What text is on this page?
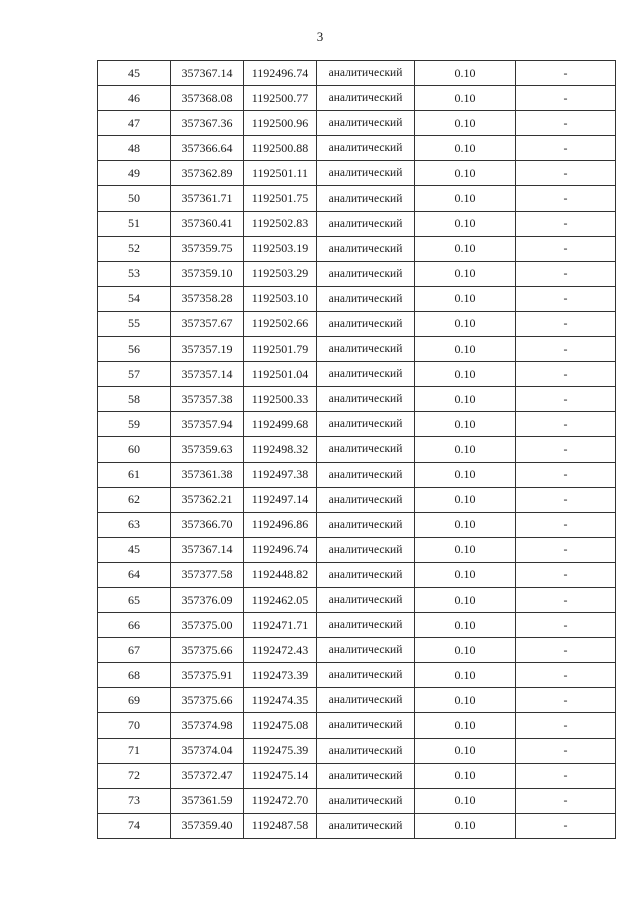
3
45	357367.14	1192496.74	аналитический	0.10	-
46	357368.08	1192500.77	аналитический	0.10	-
47	357367.36	1192500.96	аналитический	0.10	-
48	357366.64	1192500.88	аналитический	0.10	-
49	357362.89	1192501.11	аналитический	0.10	-
50	357361.71	1192501.75	аналитический	0.10	-
51	357360.41	1192502.83	аналитический	0.10	-
52	357359.75	1192503.19	аналитический	0.10	-
53	357359.10	1192503.29	аналитический	0.10	-
54	357358.28	1192503.10	аналитический	0.10	-
55	357357.67	1192502.66	аналитический	0.10	-
56	357357.19	1192501.79	аналитический	0.10	-
57	357357.14	1192501.04	аналитический	0.10	-
58	357357.38	1192500.33	аналитический	0.10	-
59	357357.94	1192499.68	аналитический	0.10	-
60	357359.63	1192498.32	аналитический	0.10	-
61	357361.38	1192497.38	аналитический	0.10	-
62	357362.21	1192497.14	аналитический	0.10	-
63	357366.70	1192496.86	аналитический	0.10	-
45	357367.14	1192496.74	аналитический	0.10	-
64	357377.58	1192448.82	аналитический	0.10	-
65	357376.09	1192462.05	аналитический	0.10	-
66	357375.00	1192471.71	аналитический	0.10	-
67	357375.66	1192472.43	аналитический	0.10	-
68	357375.91	1192473.39	аналитический	0.10	-
69	357375.66	1192474.35	аналитический	0.10	-
70	357374.98	1192475.08	аналитический	0.10	-
71	357374.04	1192475.39	аналитический	0.10	-
72	357372.47	1192475.14	аналитический	0.10	-
73	357361.59	1192472.70	аналитический	0.10	-
74	357359.40	1192487.58	аналитический	0.10	-
